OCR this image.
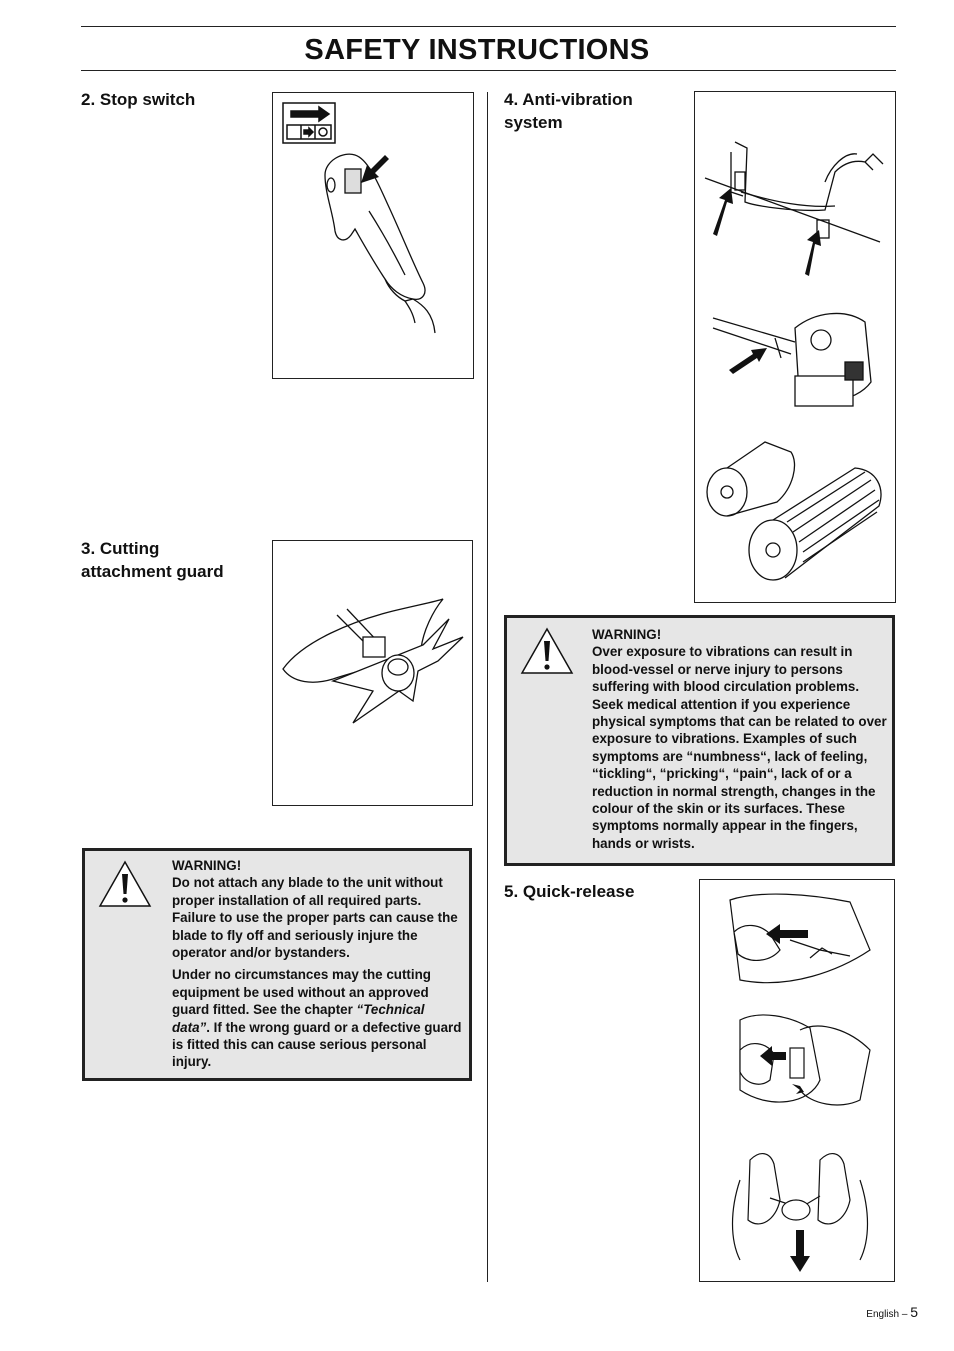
SAFETY INSTRUCTIONS
2. Stop switch
3. Cutting
attachment guard

WARNING!

Do not attach any blade to the unit without proper installation of all required parts. Failure to use the proper parts can cause the blade to fly off and seriously injure the operator and/or bystanders.

Under no circumstances may the cutting equipment be used without an approved guard fitted. See the chapter “Technical data”. If the wrong guard or a defective guard is fitted this can cause serious personal injury.

4. Anti-vibration
system

WARNING!

Over exposure to vibrations can result in blood-vessel or nerve injury to persons suffering with blood circulation problems. Seek medical attention if you experience physical symptoms that can be related to over exposure to vibrations. Examples of such symptoms are “numbness“, lack of feeling, “tickling“, “pricking“, “pain“, lack of or a reduction in normal strength, changes in the colour of the skin or its surfaces. These symptoms normally appear in the fingers, hands or wrists.

5. Quick-release
English – 5
